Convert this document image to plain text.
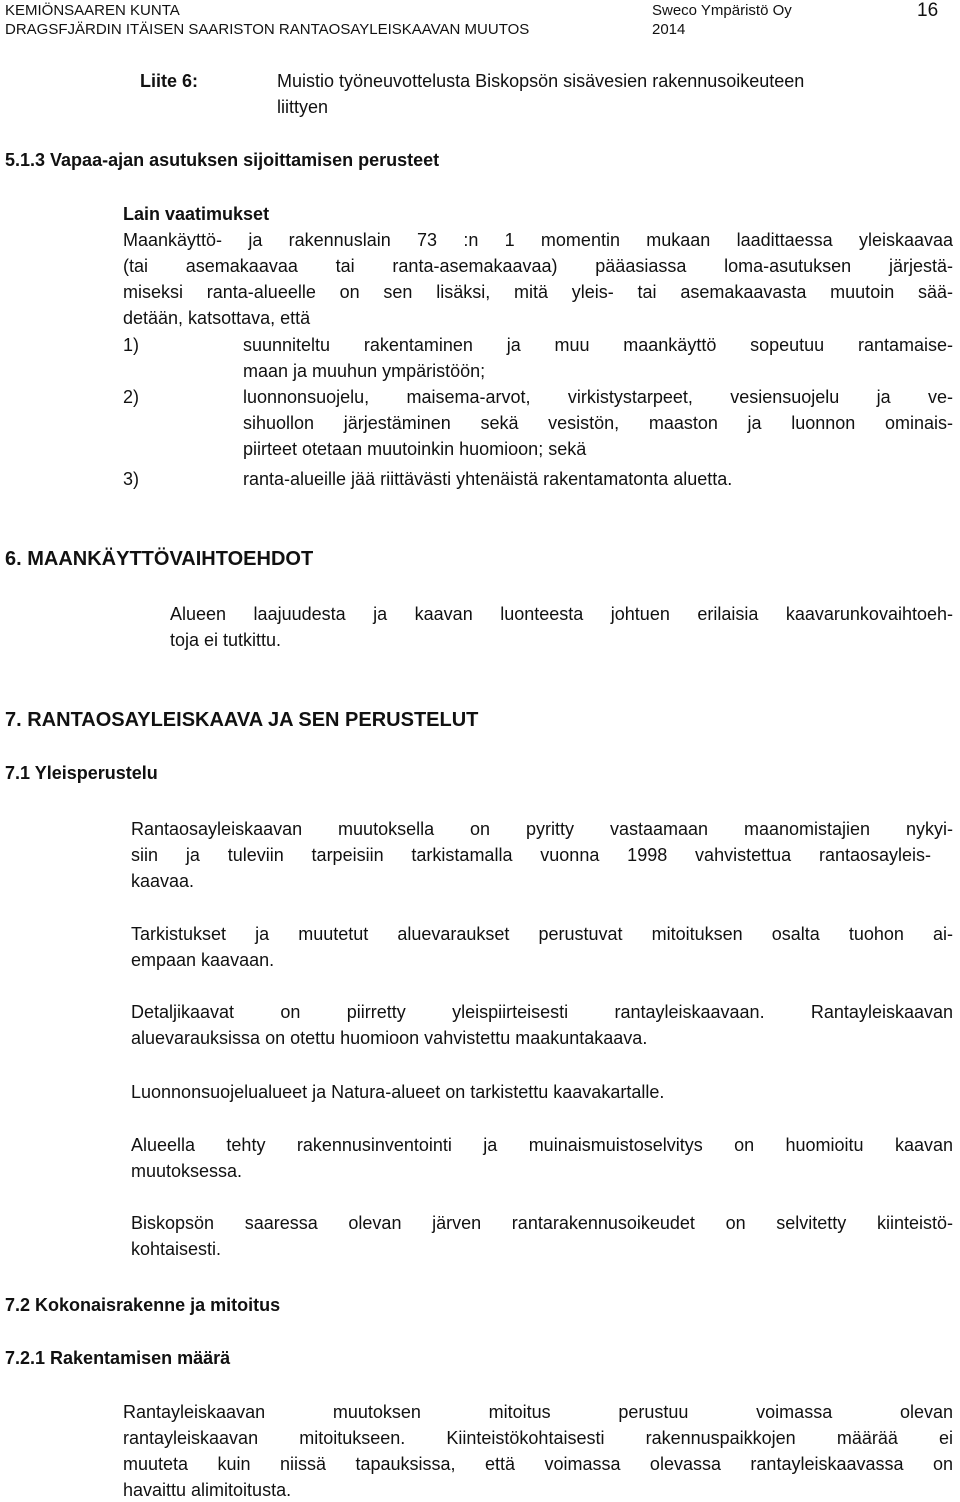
KEMIÖNSAAREN KUNTA
DRAGSFJÄRDIN ITÄISEN SAARISTON RANTAOSAYLEISKAAVAN MUUTOS
Sweco Ympäristö Oy
2014
16
Liite 6:	Muistio työneuvottelusta Biskopsön sisävesien rakennusoikeuteen
liittyen
5.1.3 Vapaa-ajan asutuksen sijoittamisen perusteet
Lain vaatimukset
Maankäyttö- ja rakennuslain 73 :n 1 momentin mukaan laadittaessa yleiskaavaa
(tai asemakaavaa tai ranta-asemakaavaa) pääasiassa loma-asutuksen järjestä-
miseksi ranta-alueelle on sen lisäksi, mitä yleis- tai asemakaavasta muutoin sää-
detään, katsottava, että
1)	suunniteltu rakentaminen ja muu maankäyttö sopeutuu rantamaise-
maan ja muuhun ympäristöön;
2)	luonnonsuojelu, maisema-arvot, virkistystarpeet, vesiensuojelu ja ve-
sihuollon järjestäminen sekä vesistön, maaston ja luonnon ominais-
piirteet otetaan muutoinkin huomioon; sekä
3)	ranta-alueille jää riittävästi yhtenäistä rakentamatonta aluetta.
6. MAANKÄYTTÖVAIHTOEHDOT
Alueen laajuudesta ja kaavan luonteesta johtuen erilaisia kaavarunkovaihtoeh-
toja ei tutkittu.
7. RANTAOSAYLEISKAAVA JA SEN PERUSTELUT
7.1 Yleisperustelu
Rantaosayleiskaavan muutoksella on pyritty vastaamaan maanomistajien nykyi-
siin ja tuleviin tarpeisiin tarkistamalla vuonna 1998 vahvistettua rantaosayleis-
kaavaa.
Tarkistukset ja muutetut aluevaraukset perustuvat mitoituksen osalta tuohon ai-
empaan kaavaan.
Detaljikaavat on piirretty yleispiirteisesti rantayleiskaavaan. Rantayleiskaavan
aluevarauksissa on otettu huomioon vahvistettu maakuntakaava.
Luonnonsuojelualueet ja Natura-alueet on tarkistettu kaavakartalle.
Alueella tehty rakennusinventointi ja muinaismuistoselvitys on huomioitu kaavan
muutoksessa.
Biskopsön saaressa olevan järven rantarakennusoikeudet on selvitetty kiinteistö-
kohtaisesti.
7.2 Kokonaisrakenne ja mitoitus
7.2.1 Rakentamisen määrä
Rantayleiskaavan muutoksen mitoitus perustuu voimassa olevan
rantayleiskaavan mitoitukseen. Kiinteistökohtaisesti rakennuspaikkojen määrää ei
muuteta kuin niissä tapauksissa, että voimassa olevassa rantayleiskaavassa on
havaittu alimitoitusta.
